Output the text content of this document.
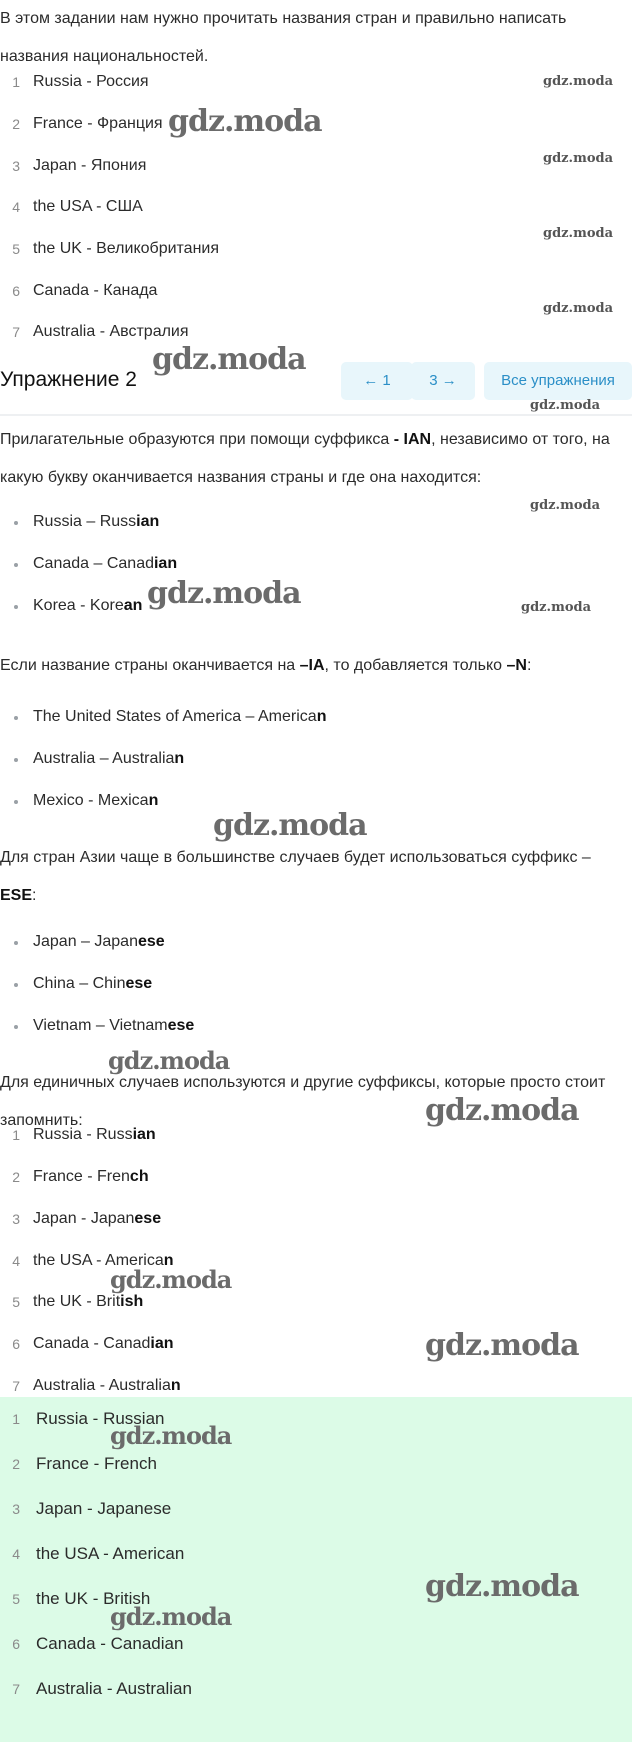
В этом задании нам нужно прочитать названия стран и правильно написать названия национальностей.
1 Russia - Россия
2 France - Франция
3 Japan - Япония
4 the USA - США
5 the UK - Великобритания
6 Canada - Канада
7 Australia - Австралия
Упражнение 2	← 1	3 →	Все упражнения
Прилагательные образуются при помощи суффикса - IAN, независимо от того, на какую букву оканчивается названия страны и где она находится:
Russia – Russian
Canada – Canadian
Korea - Korean
Если название страны оканчивается на –IA, то добавляется только –N:
The United States of America – American
Australia – Australian
Mexico - Mexican
Для стран Азии чаще в большинстве случаев будет использоваться суффикс –ESE:
Japan – Japanese
China – Chinese
Vietnam – Vietnamese
Для единичных случаев используются и другие суффиксы, которые просто стоит запомнить:
1 Russia - Russian
2 France - French
3 Japan - Japanese
4 the USA - American
5 the UK - British
6 Canada - Canadian
7 Australia - Australian
1 Russia - Russian
2 France - French
3 Japan - Japanese
4 the USA - American
5 the UK - British
6 Canada - Canadian
7 Australia - Australian
gdz.moda
gdz.moda
gdz.moda
gdz.moda
gdz.moda
gdz.moda
gdz.moda
gdz.moda
gdz.moda	gdz.moda
gdz.moda
gdz.moda
gdz.moda
gdz.moda
gdz.moda
gdz.moda
gdz.moda
gdz.moda
